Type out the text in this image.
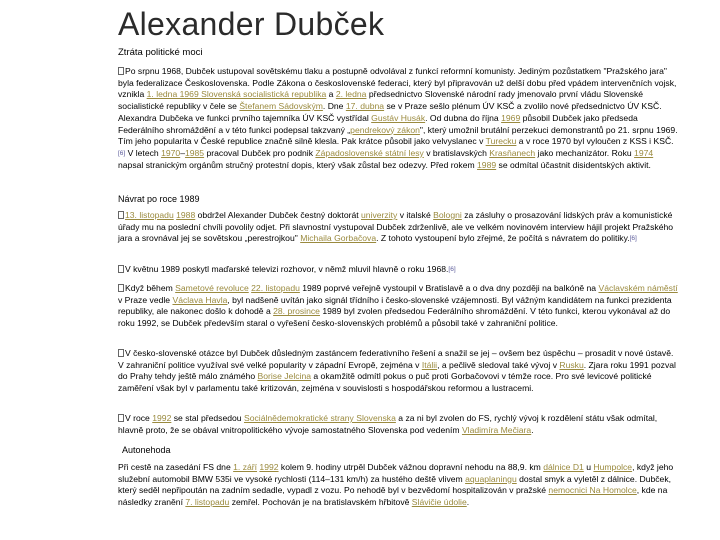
Alexander Dubček
Ztráta politické moci
Po srpnu 1968, Dubček ustupoval sovětskému tlaku a postupně odvolával z funkcí reformní komunisty. Jediným pozůstatkem "Pražského jara" byla federalizace Československa. Podle Zákona o československé federaci, který byl připravován už delší dobu před vpádem intervenčních vojsk, vznikla 1. ledna 1969 Slovenská socialistická republika a 2. ledna předsednictvo Slovenské národní rady jmenovalo první vládu Slovenské socialistické republiky v čele se Štefanem Sádovským. Dne 17. dubna se v Praze sešlo plénum ÚV KSČ a zvolilo nové předsednictvo ÚV KSČ. Alexandra Dubčeka ve funkci prvního tajemníka ÚV KSČ vystřídal Gustáv Husák. Od dubna do října 1969 působil Dubček jako předseda Federálního shromáždění a v této funkci podepsal takzvaný „pendrekový zákon", který umožnil brutální perzekuci demonstrantů po 21. srpnu 1969. Tím jeho popularita v České republice značně silně klesla. Pak krátce působil jako velvyslanec v Turecku a v roce 1970 byl vyloučen z KSS i KSČ.[6] V letech 1970–1985 pracoval Dubček pro podnik Západoslovenské státní lesy v bratislavských Krasňanech jako mechanizátor. Roku 1974 napsal stranickým orgánům stručný protestní dopis, který však zůstal bez odezvy. Před rokem 1989 se odmítal účastnit disidentských aktivit.
Návrat po roce 1989
13. listopadu 1988 obdržel Alexander Dubček čestný doktorát univerzity v italské Bologni za zásluhy o prosazování lidských práv a komunistické úřady mu na poslední chvíli povolily odjet. Při slavnostní vystupoval Dubček zdrženlivě, ale ve velkém novinovém interview hájil projekt Pražského jara a srovnával jej se sovětskou „perestrojkou" Michaila Gorbačova. Z tohoto vystoupení bylo zřejmé, že počítá s návratem do politiky.[6]
V květnu 1989 poskytl maďarské televizi rozhovor, v němž mluvil hlavně o roku 1968.[6]
Když během Sametové revoluce 22. listopadu 1989 poprvé veřejně vystoupil v Bratislavě a o dva dny později na balkóně na Václavském náměstí v Praze vedle Václava Havla, byl nadšeně uvítán jako signál třídního i česko-slovenské vzájemnosti. Byl vážným kandidátem na funkci prezidenta republiky, ale nakonec došlo k dohodě a 28. prosince 1989 byl zvolen předsedou Federálního shromáždění. V této funkci, kterou vykonával až do roku 1992, se Dubček především staral o vyřešení česko-slovenských problémů a působil také v zahraniční politice.
V česko-slovenské otázce byl Dubček důsledným zastáncem federativního řešení a snažil se jej – ovšem bez úspěchu – prosadit v nové ústavě. V zahraniční politice využíval své velké popularity v západní Evropě, zejména v Itálii, a pečlivě sledoval také vývoj v Rusku. Zjara roku 1991 pozval do Prahy tehdy ještě málo známého Borise Jelcina a okamžitě odmítl pokus o puč proti Gorbačovovi v témže roce. Pro své levicové politické zaměření však byl v parlamentu také kritizován, zejména v souvislosti s hospodářskou reformou a lustracemi.
V roce 1992 se stal předsedou Sociálnědemokratické strany Slovenska a za ni byl zvolen do FS, rychlý vývoj k rozdělení státu však odmítal, hlavně proto, že se obával vnitropolitického vývoje samostatného Slovenska pod vedením Vladimíra Mečiara.
Autonehoda
Při cestě na zasedání FS dne 1. září 1992 kolem 9. hodiny utrpěl Dubček vážnou dopravní nehodu na 88,9. km dálnice D1 u Humpolce, když jeho služební automobil BMW 535i ve vysoké rychlosti (114–131 km/h) za hustého deště vlivem aquaplaningu dostal smyk a vyletěl z dálnice. Dubček, který seděl nepřipoután na zadním sedadle, vypadl z vozu. Po nehodě byl v bezvědomí hospitalizován v pražské nemocnici Na Homolce, kde na následky zranění 7. listopadu zemřel. Pochován je na bratislavském hřbitově Slávičie údolie.
